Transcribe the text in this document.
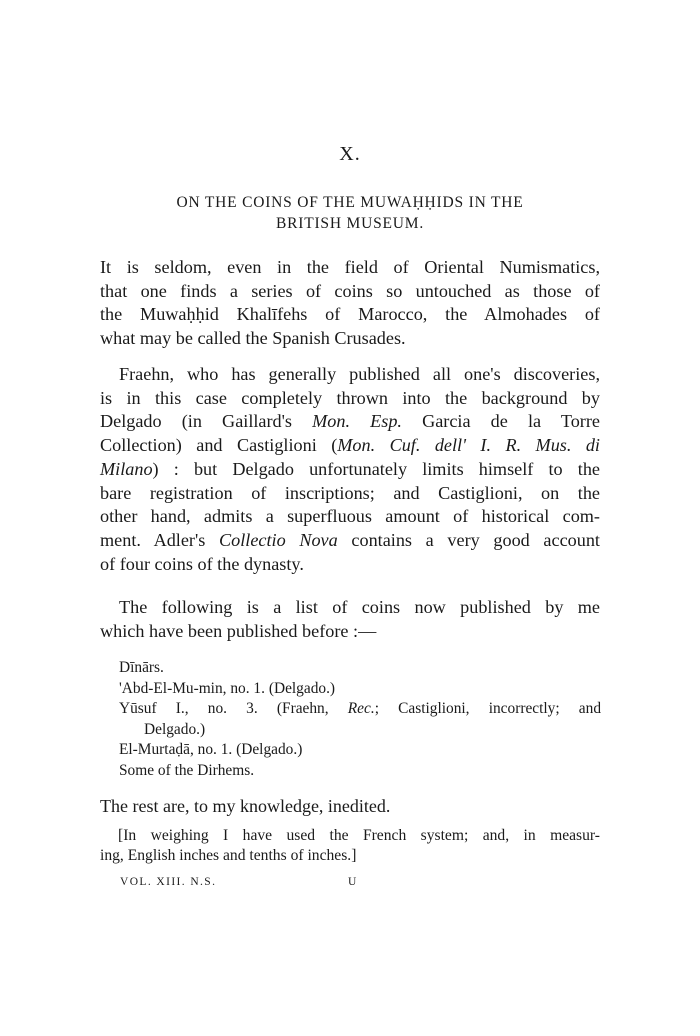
X.
ON THE COINS OF THE MUWAḤḤIDS IN THE
BRITISH MUSEUM.
It is seldom, even in the field of Oriental Numismatics,
that one finds a series of coins so untouched as those of
the Muwaḥḥid Khalīfehs of Marocco, the Almohades of
what may be called the Spanish Crusades.
Fraehn, who has generally published all one's discoveries,
is in this case completely thrown into the background by
Delgado (in Gaillard's Mon. Esp. Garcia de la Torre
Collection) and Castiglioni (Mon. Cuf. dell' I. R. Mus. di
Milano) : but Delgado unfortunately limits himself to the
bare registration of inscriptions; and Castiglioni, on the
other hand, admits a superfluous amount of historical com-
ment. Adler's Collectio Nova contains a very good account
of four coins of the dynasty.
The following is a list of coins now published by me
which have been published before :—
Dīnārs.
'Abd-El-Mu-min, no. 1. (Delgado.)
Yūsuf I., no. 3. (Fraehn, Rec.; Castiglioni, incorrectly; and
Delgado.)
El-Murtaḍā, no. 1. (Delgado.)
Some of the Dirhems.
The rest are, to my knowledge, inedited.
[In weighing I have used the French system; and, in measur-
ing, English inches and tenths of inches.]
VOL. XIII. N.S.	U
